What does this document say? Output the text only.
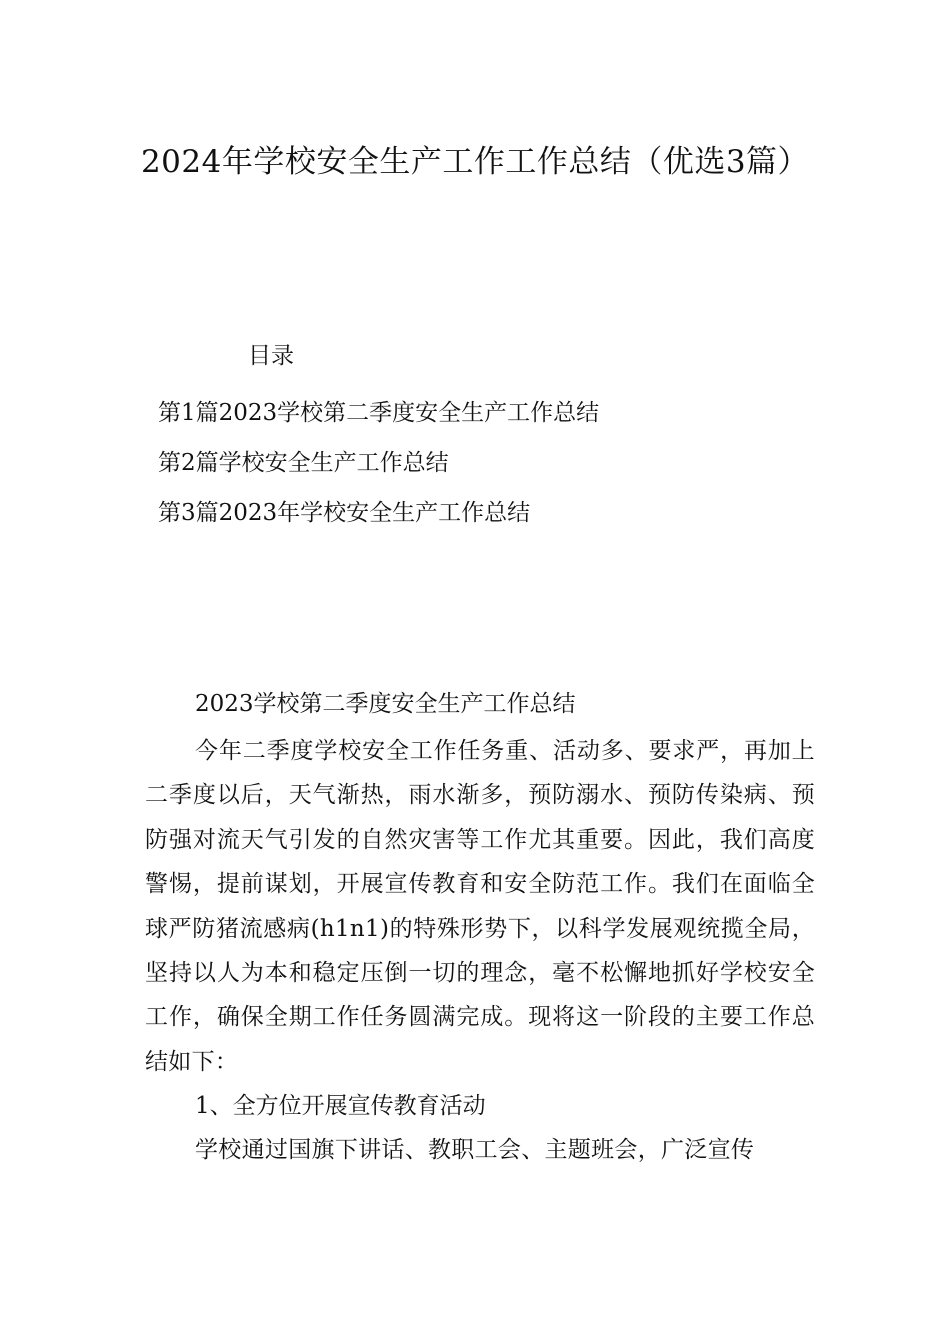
2024年学校安全生产工作工作总结（优选3篇）
目录
第1篇2023学校第二季度安全生产工作总结
第2篇学校安全生产工作总结
第3篇2023年学校安全生产工作总结
2023学校第二季度安全生产工作总结

今年二季度学校安全工作任务重、活动多、要求严，再加上二季度以后，天气渐热，雨水渐多，预防溺水、预防传染病、预防强对流天气引发的自然灾害等工作尤其重要。因此，我们高度警惕，提前谋划，开展宣传教育和安全防范工作。我们在面临全球严防猪流感病(h1n1)的特殊形势下，以科学发展观统揽全局，坚持以人为本和稳定压倒一切的理念，毫不松懈地抓好学校安全工作，确保全期工作任务圆满完成。现将这一阶段的主要工作总结如下：

1、全方位开展宣传教育活动

学校通过国旗下讲话、教职工会、主题班会，广泛宣传
